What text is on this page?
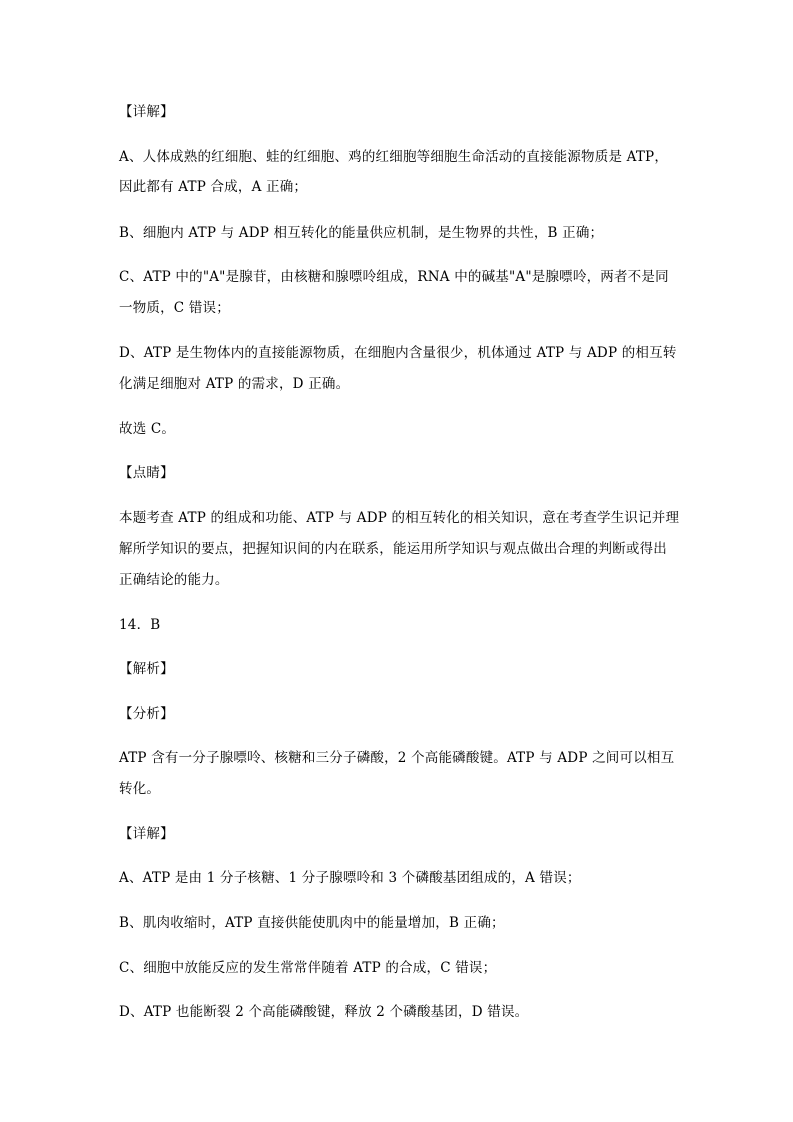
【详解】
A、人体成熟的红细胞、蛙的红细胞、鸡的红细胞等细胞生命活动的直接能源物质是 ATP，
因此都有 ATP 合成，A 正确；
B、细胞内 ATP 与 ADP 相互转化的能量供应机制，是生物界的共性，B 正确；
C、ATP 中的"A"是腺苷，由核糖和腺嘌呤组成，RNA 中的碱基"A"是腺嘌呤，两者不是同
一物质，C 错误；
D、ATP 是生物体内的直接能源物质，在细胞内含量很少，机体通过 ATP 与 ADP 的相互转
化满足细胞对 ATP 的需求，D 正确。
故选 C。
【点睛】
本题考查 ATP 的组成和功能、ATP 与 ADP 的相互转化的相关知识，意在考查学生识记并理
解所学知识的要点，把握知识间的内在联系，能运用所学知识与观点做出合理的判断或得出
正确结论的能力。
14．B
【解析】
【分析】
ATP 含有一分子腺嘌呤、核糖和三分子磷酸，2 个高能磷酸键。ATP 与 ADP 之间可以相互
转化。
【详解】
A、ATP 是由 1 分子核糖、1 分子腺嘌呤和 3 个磷酸基团组成的，A 错误；
B、肌肉收缩时，ATP 直接供能使肌肉中的能量增加，B 正确；
C、细胞中放能反应的发生常常伴随着 ATP 的合成，C 错误；
D、ATP 也能断裂 2 个高能磷酸键，释放 2 个磷酸基团，D 错误。
